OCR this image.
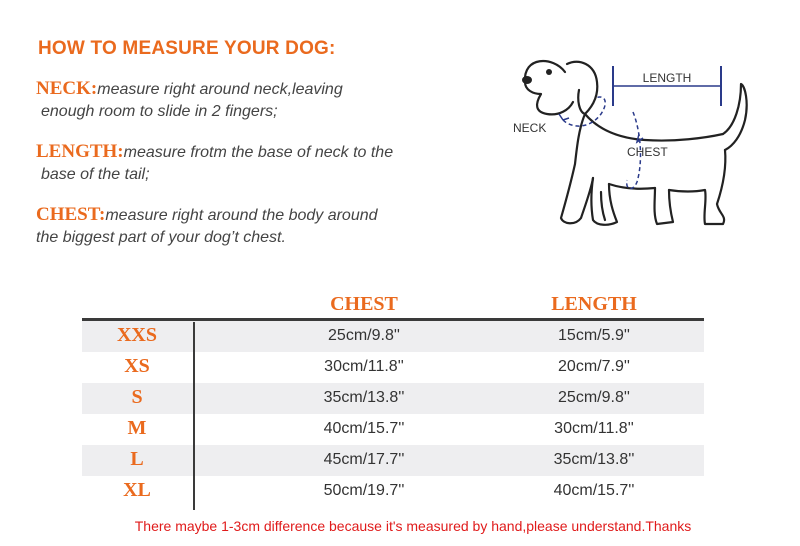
HOW TO MEASURE YOUR DOG:
NECK:measure right around neck,leaving
enough room to slide in 2 fingers;
LENGTH:measure frotm the base of neck to the
base of the tail;
CHEST:measure right around the body around
the biggest part of your dog’t chest.
LENGTH
NECK
CHEST
CHEST	LENGTH
XXS	25cm/9.8''	15cm/5.9''
XS	30cm/11.8''	20cm/7.9''
S	35cm/13.8''	25cm/9.8''
M	40cm/15.7''	30cm/11.8''
L	45cm/17.7''	35cm/13.8''
XL	50cm/19.7''	40cm/15.7''
There maybe 1-3cm difference because it's measured by hand,please understand.Thanks
